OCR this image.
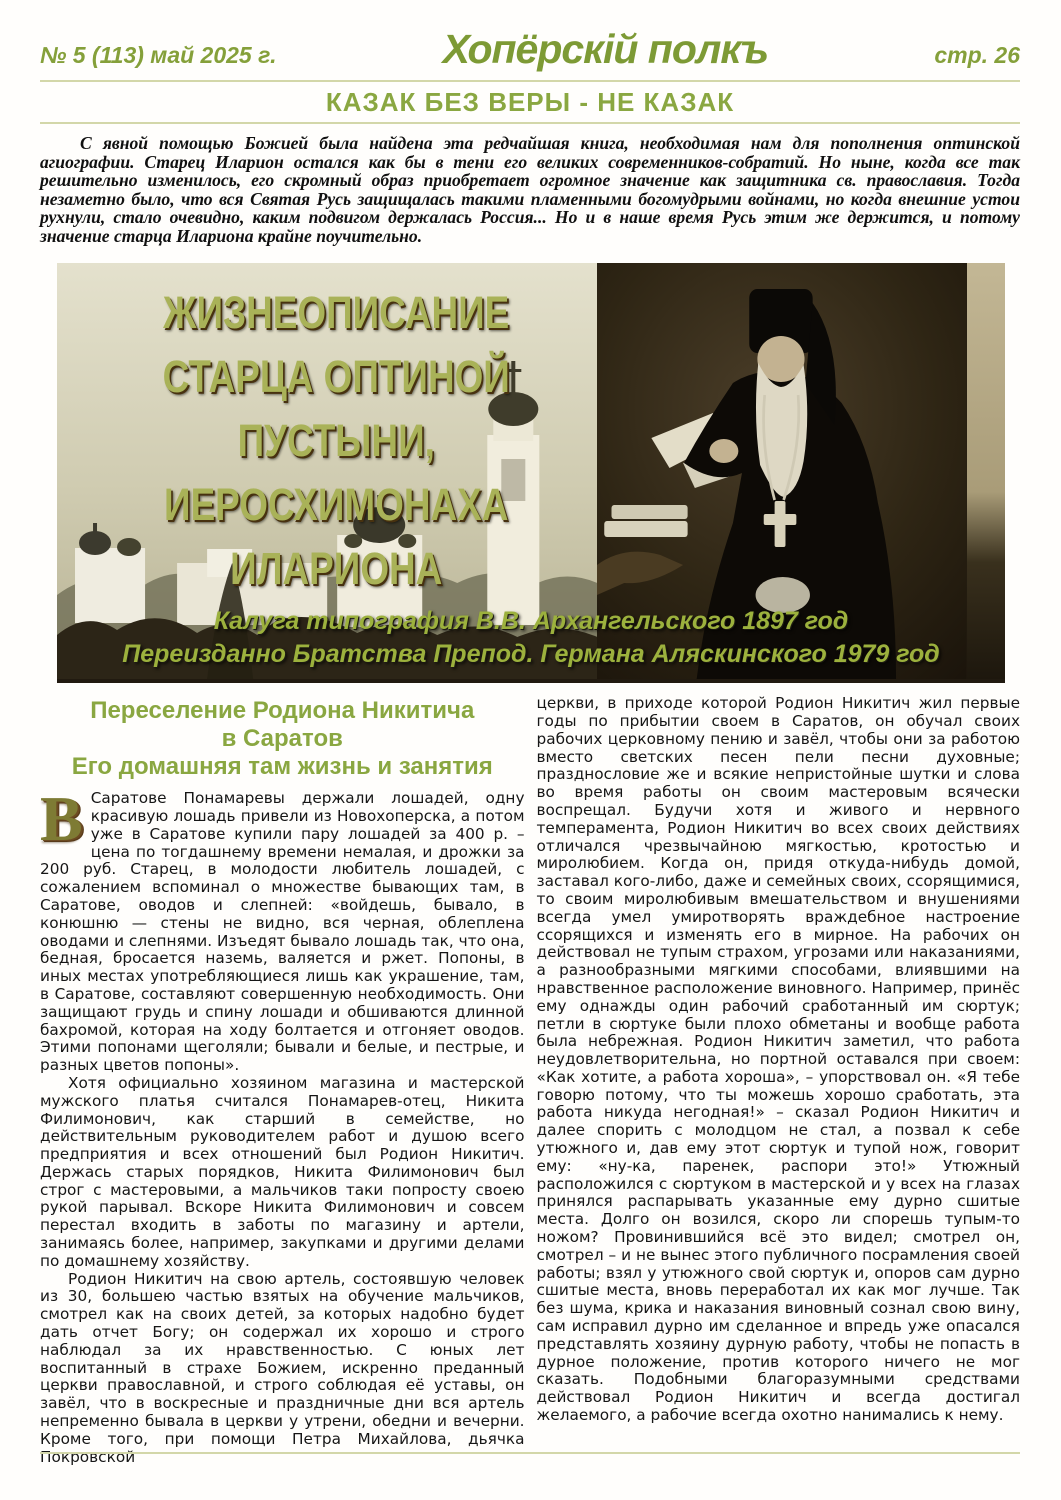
№ 5 (113) май 2025 г.	Хопёрскій полкъ	стр. 26
КАЗАК БЕЗ ВЕРЫ - НЕ КАЗАК

С явной помощью Божией была найдена эта редчайшая книга, необходимая нам для пополнения оптинской агиографии. Старец Иларион остался как бы в тени его великих современников-собратий. Но ныне, когда все так решительно изменилось, его скромный образ приобретает огромное значение как защитника св. православия. Тогда незаметно было, что вся Святая Русь защищалась такими пламенными богомудрыми войнами, но когда внешние устои рухнули, стало очевидно, каким подвигом держалась Россия... Но и в наше время Русь этим же держится, и потому значение старца Илариона крайне поучительно.

ЖИЗНЕОПИСАНИЕ
СТАРЦА ОПТИНОЙ
ПУСТЫНИ,
ИЕРОСХИМОНАХА
ИЛАРИОНА
Калуга типография В.В. Архангельского 1897 год
Переизданно Братства Препод. Германа Аляскинского 1979 год
Переселение Родиона Никитича
в Саратов
Его домашняя там жизнь и занятия

В Саратове Понамаревы держали лошадей, одну красивую лошадь привели из Новохоперска, а потом уже в Саратове купили пару лошадей за 400 р. – цена по тогдашнему времени немалая, и дрожки за 200 руб. Старец, в молодости любитель лошадей, с сожалением вспоминал о множестве бывающих там, в Саратове, оводов и слепней: «войдешь, бывало, в конюшню — стены не видно, вся черная, облеплена оводами и слепнями. Изъедят бывало лошадь так, что она, бедная, бросается наземь, валяется и ржет. Попоны, в иных местах употребляющиеся лишь как украшение, там, в Саратове, составляют совершенную необходимость. Они защищают грудь и спину лошади и обшиваются длинной бахромой, которая на ходу болтается и отгоняет оводов. Этими попонами щеголяли; бывали и белые, и пестрые, и разных цветов попоны».

Хотя официально хозяином магазина и мастерской мужского платья считался Понамарев-отец, Никита Филимонович, как старший в семействе, но действительным руководителем работ и душою всего предприятия и всех отношений был Родион Никитич. Держась старых порядков, Никита Филимонович был строг с мастеровыми, а мальчиков таки попросту своею рукой парывал. Вскоре Никита Филимонович и совсем перестал входить в заботы по магазину и артели, занимаясь более, например, закупками и другими делами по домашнему хозяйству.

Родион Никитич на свою артель, состоявшую человек из 30, большею частью взятых на обучение мальчиков, смотрел как на своих детей, за которых надобно будет дать отчет Богу; он содержал их хорошо и строго наблюдал за их нравственностью. С юных лет воспитанный в страхе Божием, искренно преданный церкви православной, и строго соблюдая её уставы, он завёл, что в воскресные и праздничные дни вся артель непременно бывала в церкви у утрени, обедни и вечерни. Кроме того, при помощи Петра Михайлова, дьячка Покровской

церкви, в приходе которой Родион Никитич жил первые годы по прибытии своем в Саратов, он обучал своих рабочих церковному пению и завёл, чтобы они за работою вместо светских песен пели песни духовные; празднословие же и всякие непристойные шутки и слова во время работы он своим мастеровым всячески воспрещал. Будучи хотя и живого и нервного темперамента, Родион Никитич во всех своих действиях отличался чрезвычайною мягкостью, кротостью и миролюбием. Когда он, придя откуда-нибудь домой, заставал кого-либо, даже и семейных своих, ссорящимися, то своим миролюбивым вмешательством и внушениями всегда умел умиротворять враждебное настроение ссорящихся и изменять его в мирное. На рабочих он действовал не тупым страхом, угрозами или наказаниями, а разнообразными мягкими способами, влиявшими на нравственное расположение виновного. Например, принёс ему однажды один рабочий сработанный им сюртук; петли в сюртуке были плохо обметаны и вообще работа была небрежная. Родион Никитич заметил, что работа неудовлетворительна, но портной оставался при своем: «Как хотите, а работа хороша», – упорствовал он. «Я тебе говорю потому, что ты можешь хорошо сработать, эта работа никуда негодная!» – сказал Родион Никитич и далее спорить с молодцом не стал, а позвал к себе утюжного и, дав ему этот сюртук и тупой нож, говорит ему: «ну-ка, паренек, распори это!» Утюжный расположился с сюртуком в мастерской и у всех на глазах принялся распарывать указанные ему дурно сшитые места. Долго он возился, скоро ли спорешь тупым-то ножом? Провинившийся всё это видел; смотрел он, смотрел – и не вынес этого публичного посрамления своей работы; взял у утюжного свой сюртук и, опоров сам дурно сшитые места, вновь переработал их как мог лучше. Так без шума, крика и наказания виновный сознал свою вину, сам исправил дурно им сделанное и впредь уже опасался представлять хозяину дурную работу, чтобы не попасть в дурное положение, против которого ничего не мог сказать. Подобными благоразумными средствами действовал Родион Никитич и всегда достигал желаемого, а рабочие всегда охотно нанимались к нему.
